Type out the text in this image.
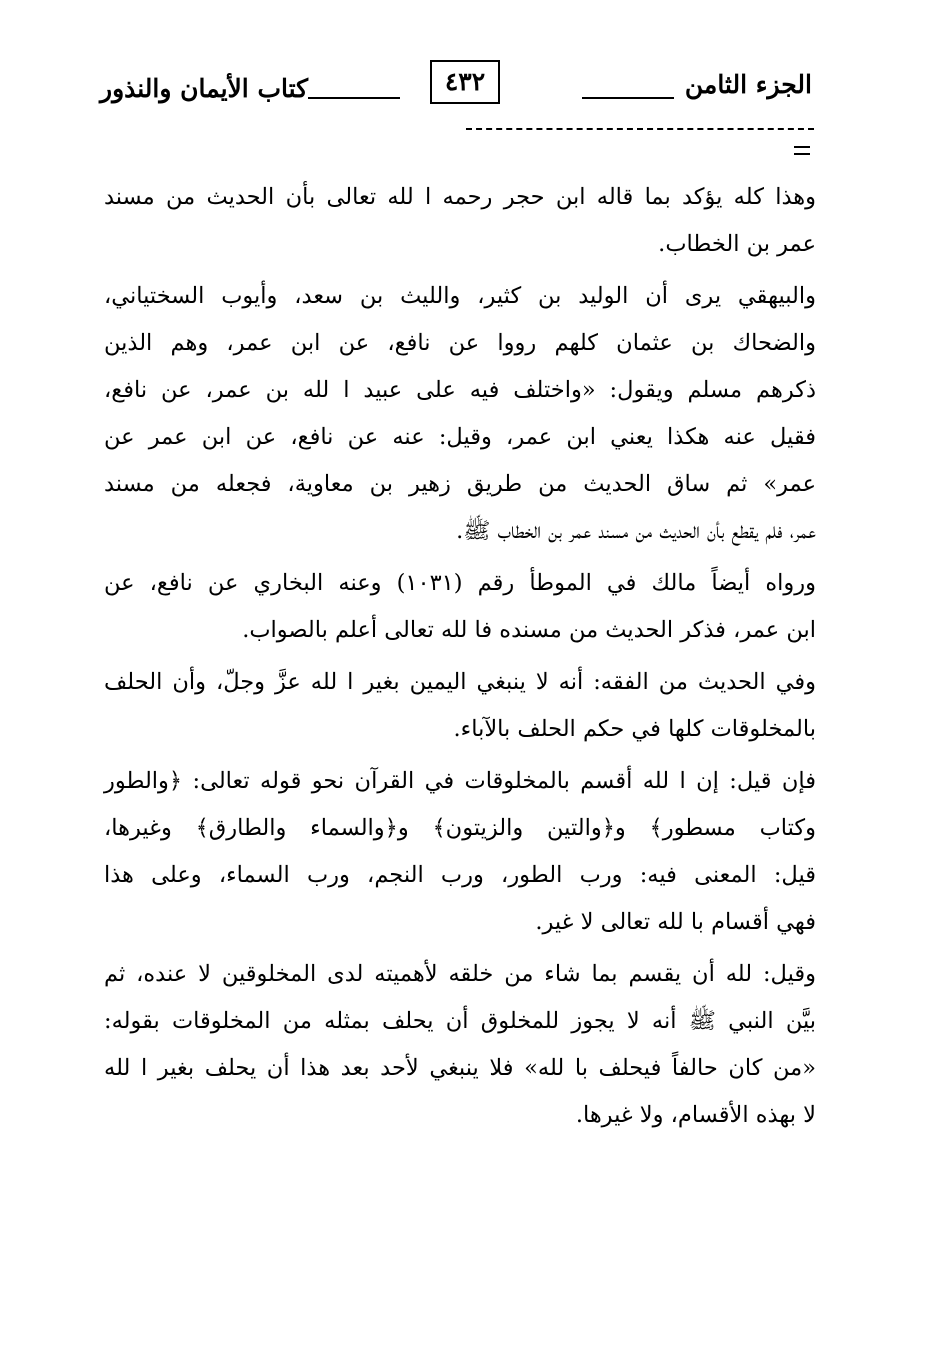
الجزء الثامن
٤٣٢
كتاب الأيمان والنذور
وهذا كله يؤكد بما قاله ابن حجر رحمه ا لله تعالى بأن الحديث من مسند
عمر بن الخطاب.
والبيهقي يرى أن الوليد بن كثير، والليث بن سعد، وأيوب السختياني،
والضحاك بن عثمان كلهم رووا عن نافع، عن ابن عمر، وهم الذين
ذكرهم مسلم ويقول: «واختلف فيه على عبيد ا لله بن عمر، عن نافع،
فقيل عنه هكذا يعني ابن عمر، وقيل: عنه عن نافع، عن ابن عمر عن
عمر» ثم ساق الحديث من طريق زهير بن معاوية، فجعله من مسند
عمر، فلم يقطع بأن الحديث من مسند عمر بن الخطاب ﷺ.
ورواه أيضاً مالك في الموطأ رقم (١٠٣١) وعنه البخاري عن نافع، عن
ابن عمر، فذكر الحديث من مسنده فا لله تعالى أعلم بالصواب.
وفي الحديث من الفقه: أنه لا ينبغي اليمين بغير ا لله عزَّ وجلّ، وأن الحلف
بالمخلوقات كلها في حكم الحلف بالآباء.
فإن قيل: إن ا لله أقسم بالمخلوقات في القرآن نحو قوله تعالى: ﴿والطور
وكتاب مسطور﴾ و﴿والتين والزيتون﴾ و﴿والسماء والطارق﴾ وغيرها،
قيل: المعنى فيه: ورب الطور، ورب النجم، ورب السماء، وعلى هذا
فهي أقسام با لله تعالى لا غير.
وقيل: لله أن يقسم بما شاء من خلقه لأهميته لدى المخلوقين لا عنده، ثم
بيَّن النبي ﷺ أنه لا يجوز للمخلوق أن يحلف بمثله من المخلوقات بقوله:
«من كان حالفاً فيحلف با لله» فلا ينبغي لأحد بعد هذا أن يحلف بغير ا لله
لا بهذه الأقسام، ولا غيرها.
